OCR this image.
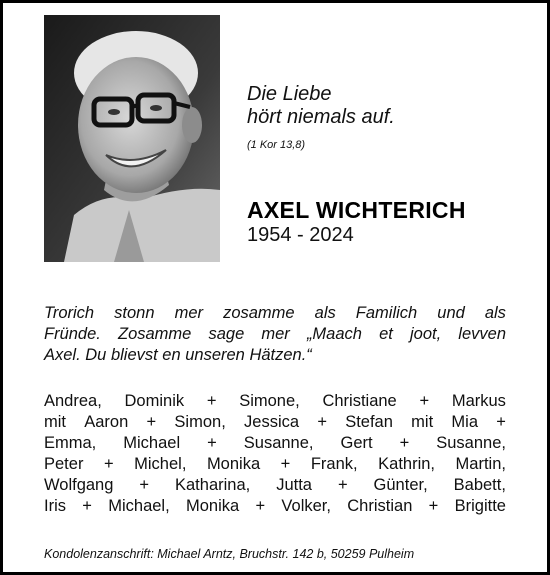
Die Liebe
hört niemals auf.
(1 Kor 13,8)
AXEL WICHTERICH
1954 - 2024
Trorich stonn mer zosamme als Familich und als
Fründe. Zosamme sage mer „Maach et joot, levven
Axel. Du blievst en unseren Hätzen.“
Andrea, Dominik + Simone, Christiane + Markus
mit Aaron + Simon, Jessica + Stefan mit Mia +
Emma, Michael + Susanne, Gert + Susanne,
Peter + Michel, Monika + Frank, Kathrin, Martin,
Wolfgang + Katharina, Jutta + Günter, Babett,
Iris + Michael, Monika + Volker, Christian + Brigitte
Kondolenzanschrift: Michael Arntz, Bruchstr. 142 b, 50259 Pulheim
